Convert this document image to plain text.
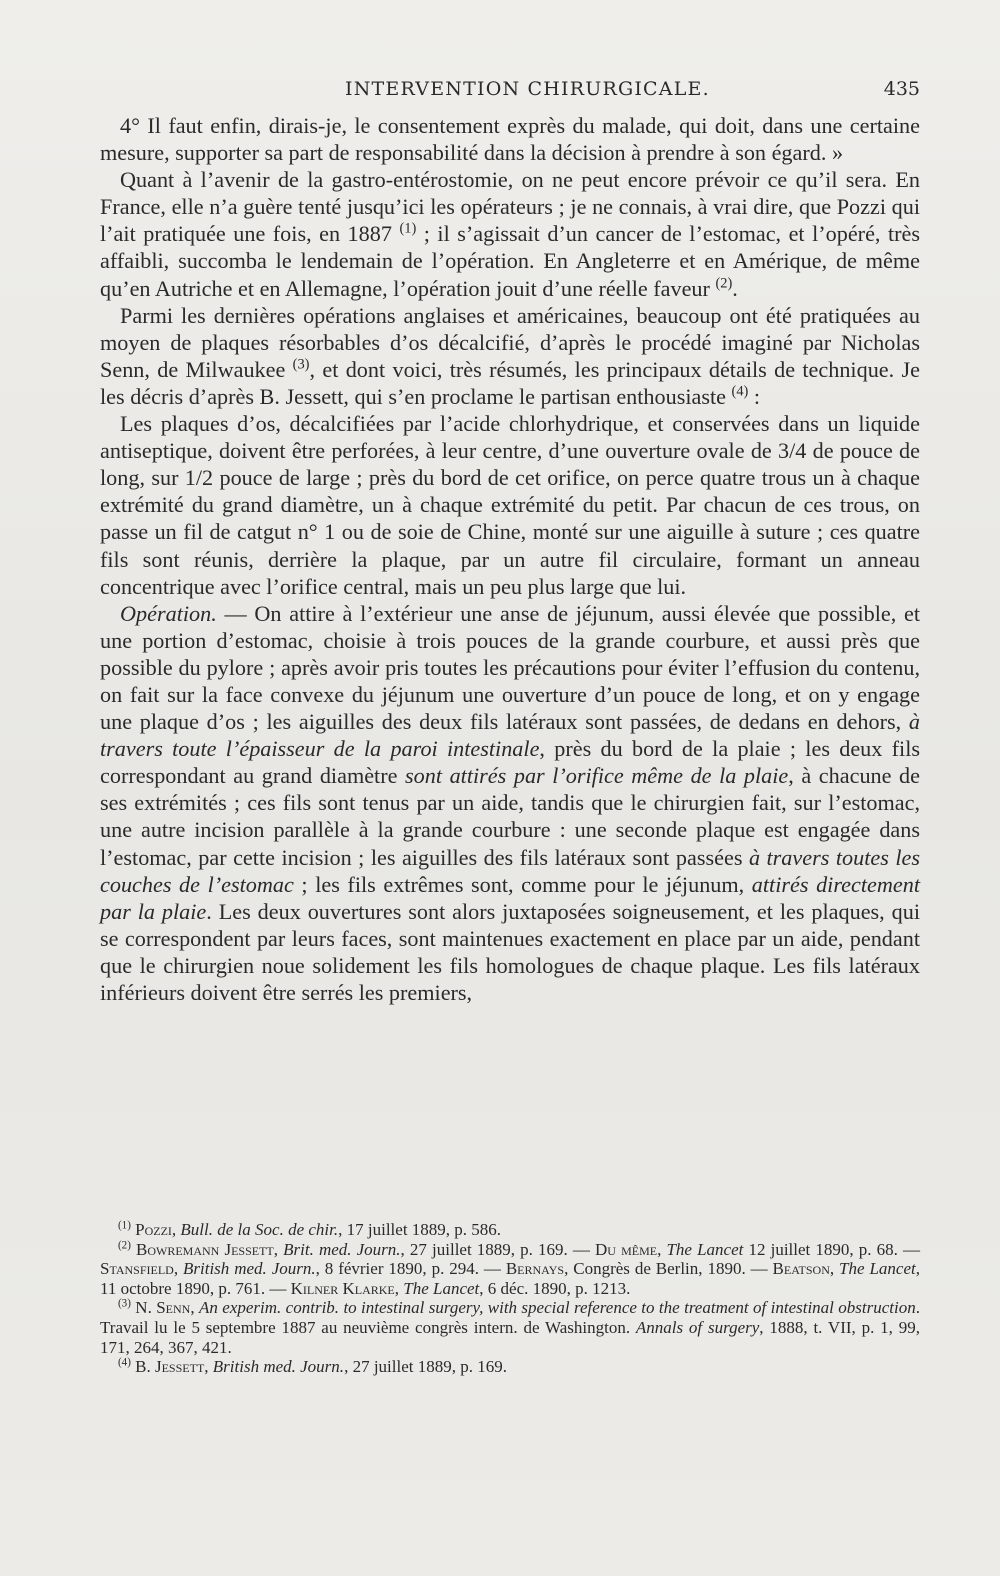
INTERVENTION CHIRURGICALE.	435

4° Il faut enfin, dirais-je, le consentement exprès du malade, qui doit, dans une certaine mesure, supporter sa part de responsabilité dans la décision à prendre à son égard. »

Quant à l’avenir de la gastro-entérostomie, on ne peut encore prévoir ce qu’il sera. En France, elle n’a guère tenté jusqu’ici les opérateurs ; je ne connais, à vrai dire, que Pozzi qui l’ait pratiquée une fois, en 1887 $^{(1)}$ ; il s’agissait d’un cancer de l’estomac, et l’opéré, très affaibli, succomba le lendemain de l’opération. En Angleterre et en Amérique, de même qu’en Autriche et en Allemagne, l’opération jouit d’une réelle faveur $^{(2)}$.

Parmi les dernières opérations anglaises et américaines, beaucoup ont été pratiquées au moyen de plaques résorbables d’os décalcifié, d’après le procédé imaginé par Nicholas Senn, de Milwaukee $^{(3)}$, et dont voici, très résumés, les principaux détails de technique. Je les décris d’après B. Jessett, qui s’en proclame le partisan enthousiaste $^{(4)}$ :

Les plaques d’os, décalcifiées par l’acide chlorhydrique, et conservées dans un liquide antiseptique, doivent être perforées, à leur centre, d’une ouverture ovale de 3/4 de pouce de long, sur 1/2 pouce de large ; près du bord de cet orifice, on perce quatre trous un à chaque extrémité du grand diamètre, un à chaque extrémité du petit. Par chacun de ces trous, on passe un fil de catgut n° 1 ou de soie de Chine, monté sur une aiguille à suture ; ces quatre fils sont réunis, derrière la plaque, par un autre fil circulaire, formant un anneau concentrique avec l’orifice central, mais un peu plus large que lui.

Opération. — On attire à l’extérieur une anse de jéjunum, aussi élevée que possible, et une portion d’estomac, choisie à trois pouces de la grande courbure, et aussi près que possible du pylore ; après avoir pris toutes les précautions pour éviter l’effusion du contenu, on fait sur la face convexe du jéjunum une ouverture d’un pouce de long, et on y engage une plaque d’os ; les aiguilles des deux fils latéraux sont passées, de dedans en dehors, à travers toute l’épaisseur de la paroi intestinale, près du bord de la plaie ; les deux fils correspondant au grand diamètre sont attirés par l’orifice même de la plaie, à chacune de ses extrémités ; ces fils sont tenus par un aide, tandis que le chirurgien fait, sur l’estomac, une autre incision parallèle à la grande courbure : une seconde plaque est engagée dans l’estomac, par cette incision ; les aiguilles des fils latéraux sont passées à travers toutes les couches de l’estomac ; les fils extrêmes sont, comme pour le jéjunum, attirés directement par la plaie. Les deux ouvertures sont alors juxtaposées soigneusement, et les plaques, qui se correspondent par leurs faces, sont maintenues exactement en place par un aide, pendant que le chirurgien noue solidement les fils homologues de chaque plaque. Les fils latéraux inférieurs doivent être serrés les premiers,

$^{(1)}$ Pozzi, Bull. de la Soc. de chir., 17 juillet 1889, p. 586.

$^{(2)}$ Bowremann Jessett, Brit. med. Journ., 27 juillet 1889, p. 169. — Du même, The Lancet 12 juillet 1890, p. 68. — Stansfield, British med. Journ., 8 février 1890, p. 294. — Bernays, Congrès de Berlin, 1890. — Beatson, The Lancet, 11 octobre 1890, p. 761. — Kilner Klarke, The Lancet, 6 déc. 1890, p. 1213.

$^{(3)}$ N. Senn, An experim. contrib. to intestinal surgery, with special reference to the treatment of intestinal obstruction. Travail lu le 5 septembre 1887 au neuvième congrès intern. de Washington. Annals of surgery, 1888, t. VII, p. 1, 99, 171, 264, 367, 421.

$^{(4)}$ B. Jessett, British med. Journ., 27 juillet 1889, p. 169.
